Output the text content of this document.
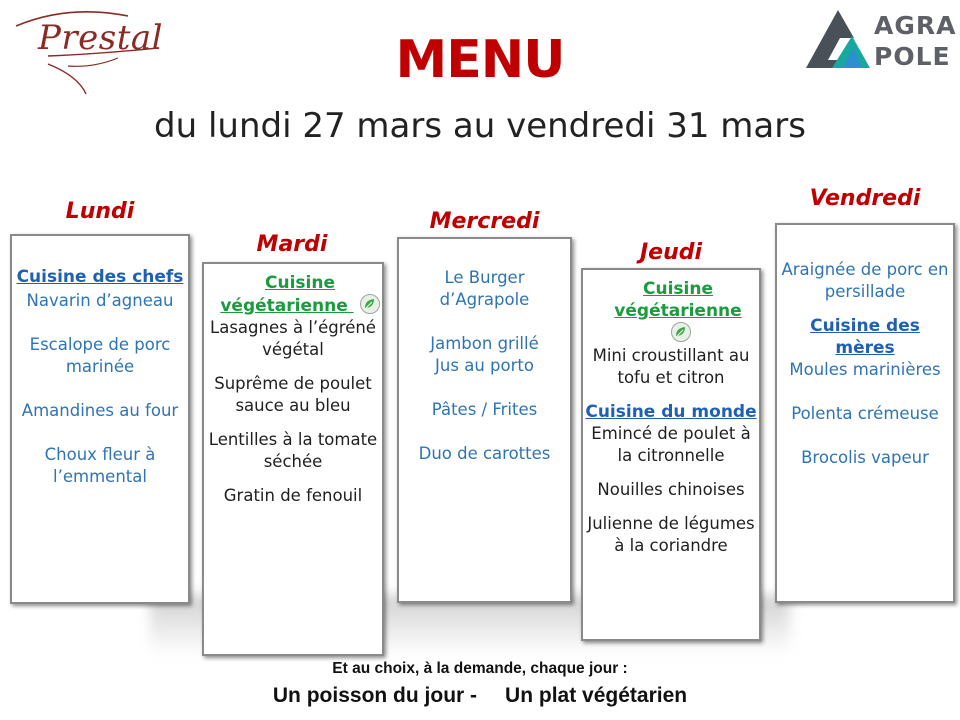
Prestal	AGRA
POLE
MENU
du lundi 27 mars au vendredi 31 mars
Lundi
Mardi
Mercredi
Jeudi
Vendredi

Cuisine des chefs

Navarin d’agneau

Escalope de porc marinée

Amandines au four

Choux fleur à l’emmental

Cuisine végétarienne

Lasagnes à l’égréné végétal

Suprême de poulet

sauce au bleu

Lentilles à la tomate séchée

Gratin de fenouil

Le Burger d’Agrapole

Jambon grillé

Jus au porto

Pâtes / Frites

Duo de carottes

Cuisine végétarienne

Mini croustillant au tofu et citron

Cuisine du monde

Emincé de poulet à la citronnelle

Nouilles chinoises

Julienne de légumes à la coriandre

Araignée de porc en persillade

Cuisine des mères

Moules marinières

Polenta crémeuse

Brocolis vapeur

Et au choix, à la demande, chaque jour :
Un poisson du jour - Un plat végétarien
